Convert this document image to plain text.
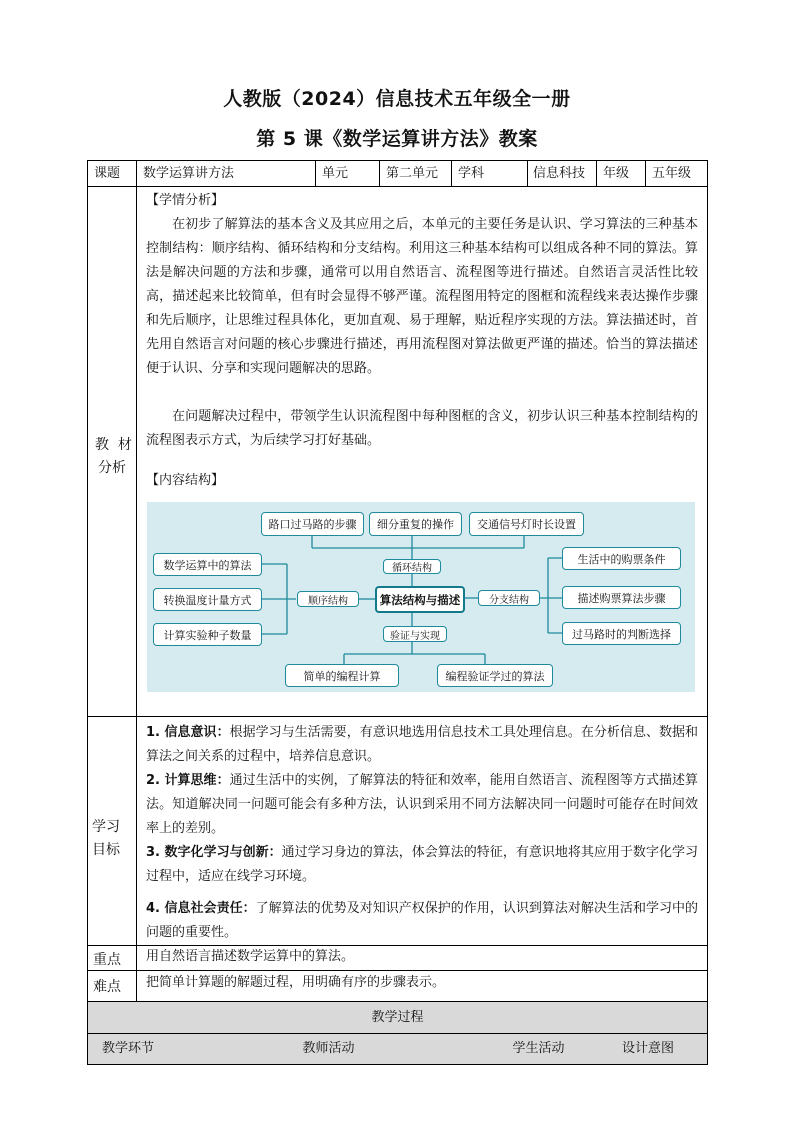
人教版（2024）信息技术五年级全一册
第 5 课《数学运算讲方法》教案
课题 数学运算讲方法	单元	第二单元 学科	信息科技 年级 五年级
教  材
分析
【学情分析】
在初步了解算法的基本含义及其应用之后，本单元的主要任务是认识、学习算法的三种基本控制结构：顺序结构、循环结构和分支结构。利用这三种基本结构可以组成各种不同的算法。算法是解决问题的方法和步骤，通常可以用自然语言、流程图等进行描述。自然语言灵活性比较高，描述起来比较简单，但有时会显得不够严谨。流程图用特定的图框和流程线来表达操作步骤和先后顺序，让思维过程具体化，更加直观、易于理解，贴近程序实现的方法。算法描述时，首先用自然语言对问题的核心步骤进行描述，再用流程图对算法做更严谨的描述。恰当的算法描述便于认识、分享和实现问题解决的思路。
在问题解决过程中，带领学生认识流程图中每种图框的含义，初步认识三种基本控制结构的流程图表示方式，为后续学习打好基础。
【内容结构】
路口过马路的步骤	细分重复的操作	交通信号灯时长设置
循环结构
数学运算中的算法
转换温度计量方式
计算实验种子数量
顺序结构	算法结构与描述	分支结构
生活中的购票条件
描述购票算法步骤
过马路时的判断选择
验证与实现
简单的编程计算	编程验证学过的算法
学习
目标
1. 信息意识：根据学习与生活需要，有意识地选用信息技术工具处理信息。在分析信息、数据和算法之间关系的过程中，培养信息意识。
2. 计算思维：通过生活中的实例，了解算法的特征和效率，能用自然语言、流程图等方式描述算法。知道解决同一问题可能会有多种方法，认识到采用不同方法解决同一问题时可能存在时间效率上的差别。
3. 数字化学习与创新：通过学习身边的算法，体会算法的特征，有意识地将其应用于数字化学习过程中，适应在线学习环境。
4. 信息社会责任：了解算法的优势及对知识产权保护的作用，认识到算法对解决生活和学习中的问题的重要性。
重点 用自然语言描述数学运算中的算法。
难点 把简单计算题的解题过程，用明确有序的步骤表示。
教学过程
教学环节	教师活动	学生活动	设计意图
